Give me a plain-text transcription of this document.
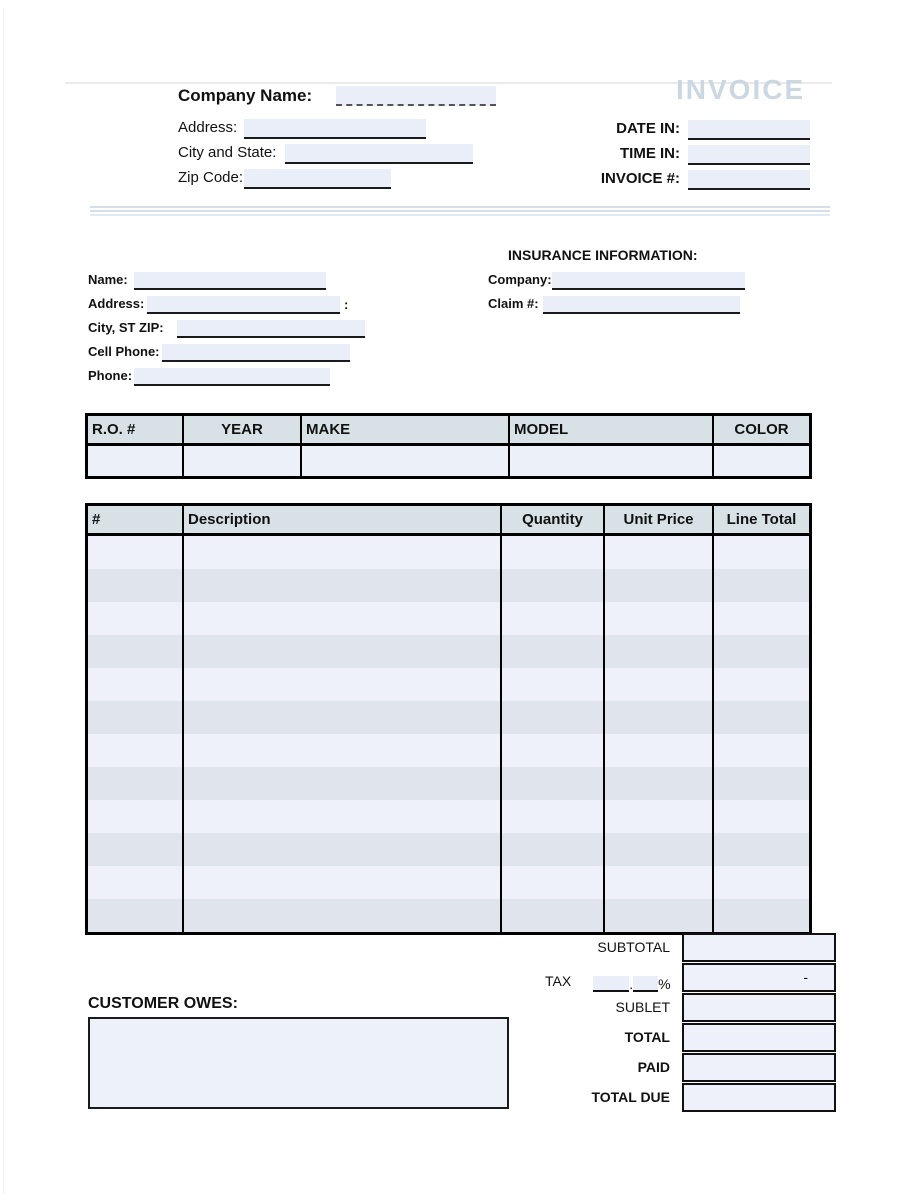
INVOICE
Company Name:
Address:
City and State:
Zip Code:
DATE IN:
TIME IN:
INVOICE #:
Name:
Address:	:
City, ST ZIP:
Cell Phone:
Phone:
INSURANCE INFORMATION:
Company:
Claim #:
R.O. #	YEAR	MAKE	MODEL	COLOR

#	Description	Quantity	Unit Price	Line Total

SUBTOTAL
TAX	. %	-
SUBLET
TOTAL
PAID
TOTAL DUE
CUSTOMER OWES:
